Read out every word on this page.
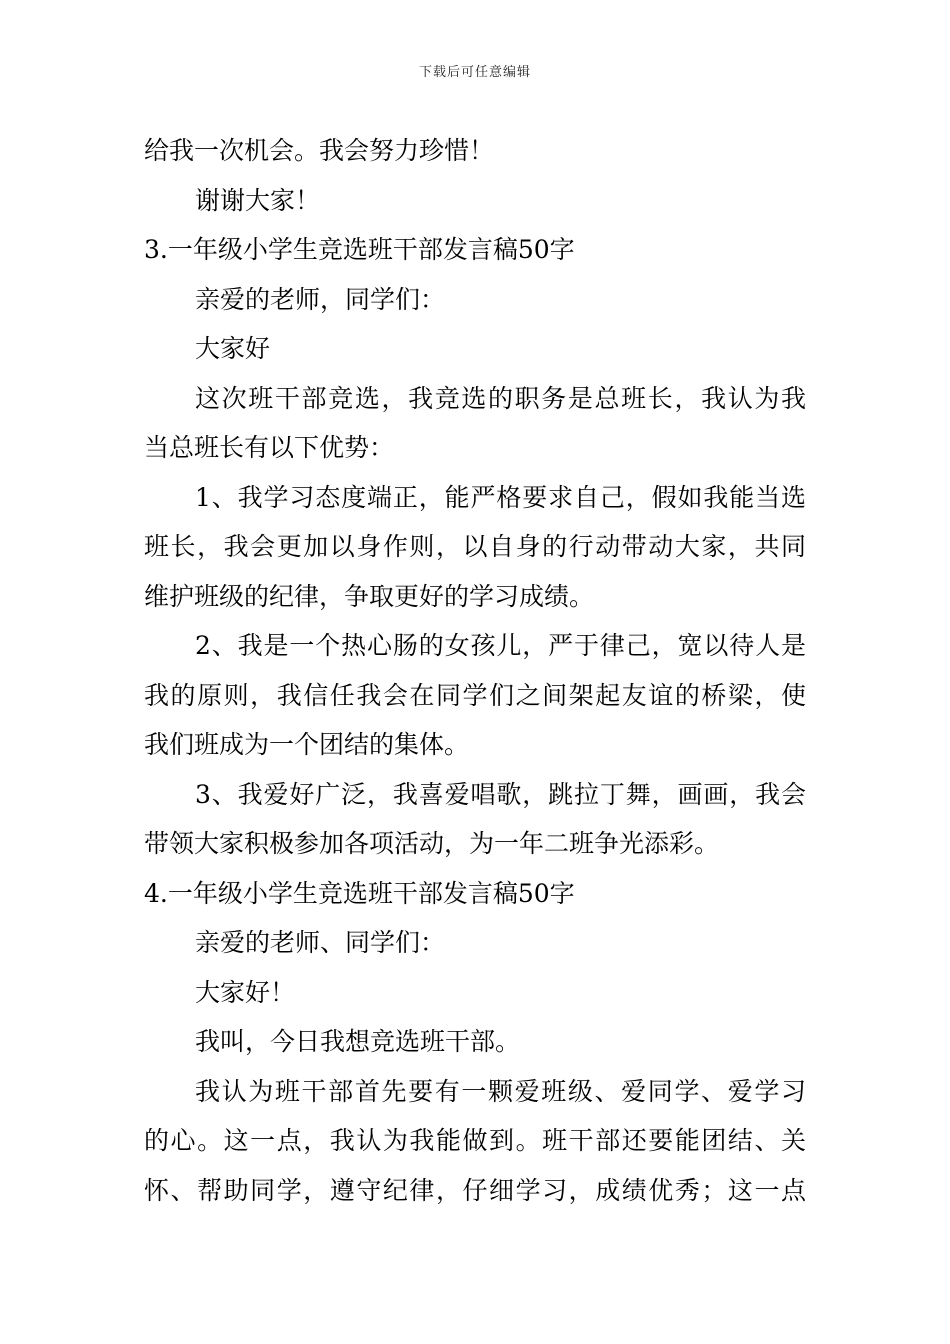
下载后可任意编辑
给我一次机会。我会努力珍惜！
谢谢大家！
3.一年级小学生竞选班干部发言稿50字
亲爱的老师，同学们：
大家好
这次班干部竞选，我竞选的职务是总班长，我认为我
当总班长有以下优势：
1、我学习态度端正，能严格要求自己，假如我能当选
班长，我会更加以身作则，以自身的行动带动大家，共同
维护班级的纪律，争取更好的学习成绩。
2、我是一个热心肠的女孩儿，严于律己，宽以待人是
我的原则，我信任我会在同学们之间架起友谊的桥梁，使
我们班成为一个团结的集体。
3、我爱好广泛，我喜爱唱歌，跳拉丁舞，画画，我会
带领大家积极参加各项活动，为一年二班争光添彩。
4.一年级小学生竞选班干部发言稿50字
亲爱的老师、同学们：
大家好！
我叫，今日我想竞选班干部。
我认为班干部首先要有一颗爱班级、爱同学、爱学习
的心。这一点，我认为我能做到。班干部还要能团结、关
怀、帮助同学，遵守纪律，仔细学习，成绩优秀；这一点
